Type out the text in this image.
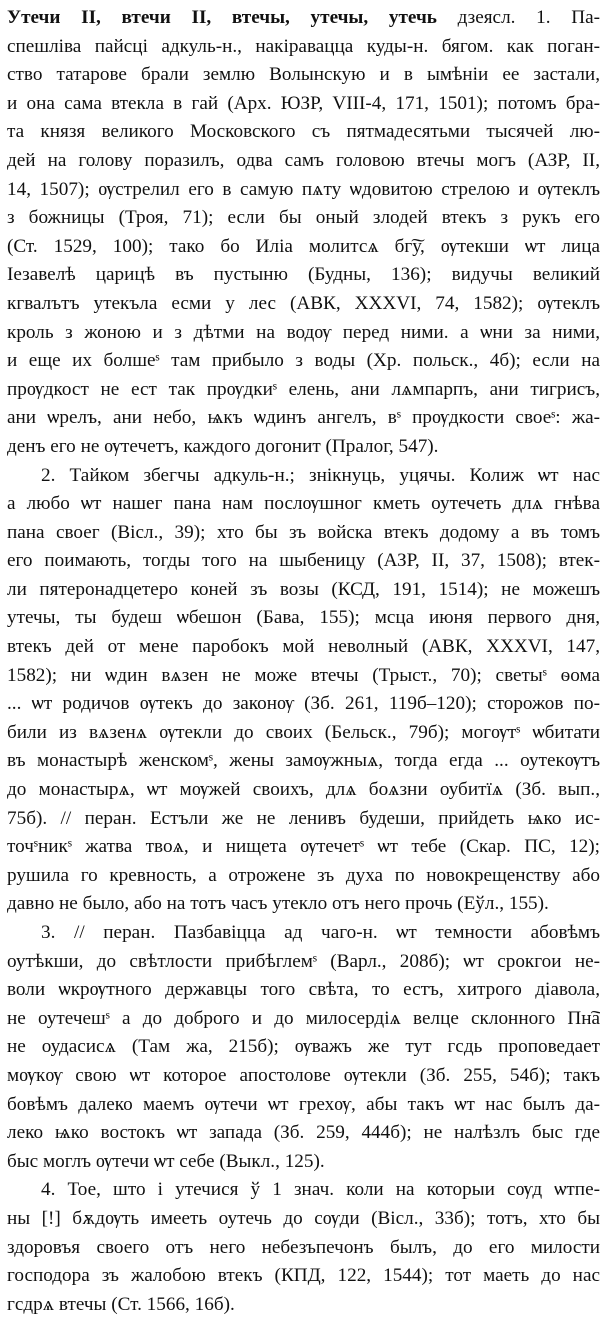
Утечи II, втечи II, втечы, утечы, утечь дзеясл. 1. Па-
спешліва пайсці адкуль-н., накіравацца куды-н. бягом. как поган-
ство татарове брали землю Волынскую и в ымѣнiи ее застали,
и она сама втекла в гай (Арх. ЮЗР, VIII-4, 171, 1501); потомъ бра-
та князя великого Московского съ пятмадесятьми тысячей лю-
дей на голову поразилъ, одва самъ головою втечы могъ (АЗР, II,
14, 1507); ѹстрелил его в самую пѧту ѡдовитою стрелою и ѹтеклъ
з божницы (Троя, 71); если бы оный злодей втекъ з рукъ его
(Ст. 1529, 100); тако бо Иліа молитсѧ бг͠у, ѹтекши ѡт лица
Іезавелѣ царицѣ въ пустыню (Будны, 136); видучы великий
кгвалътъ утекъла есми у лес (АВК, XXXVI, 74, 1582); ѹтеклъ
кроль з жоною и з дѣтми на водѹ перед ними. а ѡни за ними,
и еще их болшеˢ там прибыло з воды (Хр. польск., 4б); если на
прѹдкост не ест так прѹдкиˢ елень, ани лѧмпарпъ, ани тигрисъ,
ани ѡрелъ, ани небо, ѩкъ ѡдинъ ангелъ, вˢ прѹдкости своеˢ: жа-
денъ его не ѹтечетъ, каждого догонит (Пралог, 547).
2. Тайком збегчы адкуль-н.; знікнуць, уцячы. Колиж ѡт нас
а любо ѡт нашег пана нам послѹшног кметь оутечеть длѧ гнѣва
пана своег (Вісл., 39); хто бы зъ войска втекъ додому а въ томъ
его поимають, тогды того на шыбеницу (АЗР, II, 37, 1508); втек-
ли пятеронадцетеро коней зъ возы (КСД, 191, 1514); не можешъ
утечы, ты будеш ѡбешон (Бава, 155); мсца июня первого дня,
втекъ дей от мене паробокъ мой неволный (АВК, XXXVI, 147,
1582); ни ѡдин вѧзен не може втечы (Трыст., 70); светыˢ ѳома
... ѡт родичов ѹтекъ до законѹ (Зб. 261, 119б–120); сторожов по-
били из вѧзенѧ ѹтекли до своих (Бельск., 79б); могѹтˢ ѡбитати
въ монастырѣ женскомˢ, жены замѹжныѧ, тогда егда ... оутекѹтъ
до монастырѧ, ѡт мѹжей своихъ, длѧ боѧзни оубитїѧ (Зб. вып.,
75б). // перан. Естъли же не ленивъ будеши, прийдеть ѩко ис-
точˢникˢ жатва твоѧ, и нищета ѹтечетˢ ѡт тебе (Скар. ПС, 12);
рушила го кревность, а отрожене зъ духа по новокрещенству або
давно не было, або на тотъ часъ утекло отъ него прочь (Еўл., 155).
3. // перан. Пазбавіцца ад чаго-н. ѡт темности абовѣмъ
оутѣкши, до свѣтлости прибѣглемˢ (Варл., 208б); ѡт срокгои не-
воли ѡкрѹтного державцы того свѣта, то естъ, хитрого діавола,
не оутечешˢ а до доброго и до милосердіѧ велце склонного Пн͠а
не оудасисѧ (Там жа, 215б); ѹважъ же тут гсдь проповедает
мѹкѹ свою ѡт которое апостолове ѹтекли (Зб. 255, 54б); такъ
бовѣмъ далеко маемъ ѹтечи ѡт грехѹ, абы такъ ѡт нас былъ да-
леко ѩко востокъ ѡт запада (Зб. 259, 444б); не налѣзлъ быс где
быс моглъ ѹтечи ѡт себе (Выкл., 125).
4. Тое, што і утечися ў 1 знач. коли на которыи сѹд ѡтпе-
ны [!] бѫдѹть имееть оутечь до сѹди (Вісл., 33б); тотъ, хто бы
здоровъя своего отъ него небезъпечонъ былъ, до его милости
господора зъ жалобою втекъ (КПД, 122, 1544); тот маеть до нас
гсдрѧ втечы (Ст. 1566, 16б).
